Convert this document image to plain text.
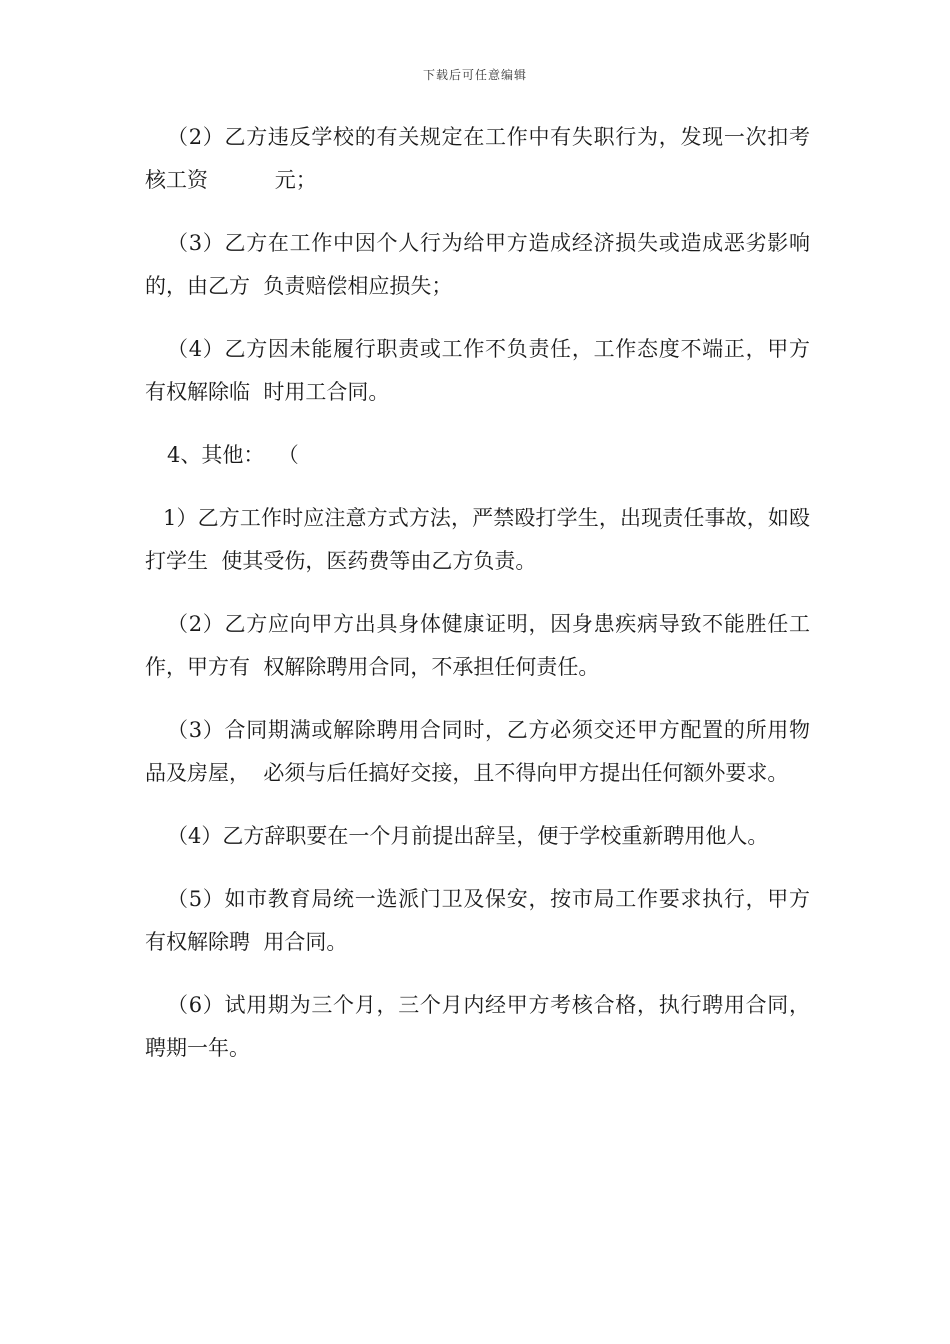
下载后可任意编辑

（2）乙方违反学校的有关规定在工作中有失职行为，发现一次扣考核工资          元；

（3）乙方在工作中因个人行为给甲方造成经济损失或造成恶劣影响的，由乙方  负责赔偿相应损失；

（4）乙方因未能履行职责或工作不负责任，工作态度不端正，甲方有权解除临  时用工合同。

4、其他：  （

1）乙方工作时应注意方式方法，严禁殴打学生，出现责任事故，如殴打学生  使其受伤，医药费等由乙方负责。

（2）乙方应向甲方出具身体健康证明，因身患疾病导致不能胜任工作，甲方有  权解除聘用合同，不承担任何责任。

（3）合同期满或解除聘用合同时，乙方必须交还甲方配置的所用物品及房屋，  必须与后任搞好交接，且不得向甲方提出任何额外要求。

（4）乙方辞职要在一个月前提出辞呈，便于学校重新聘用他人。

（5）如市教育局统一选派门卫及保安，按市局工作要求执行，甲方有权解除聘  用合同。

（6）试用期为三个月，三个月内经甲方考核合格，执行聘用合同，聘期一年。
